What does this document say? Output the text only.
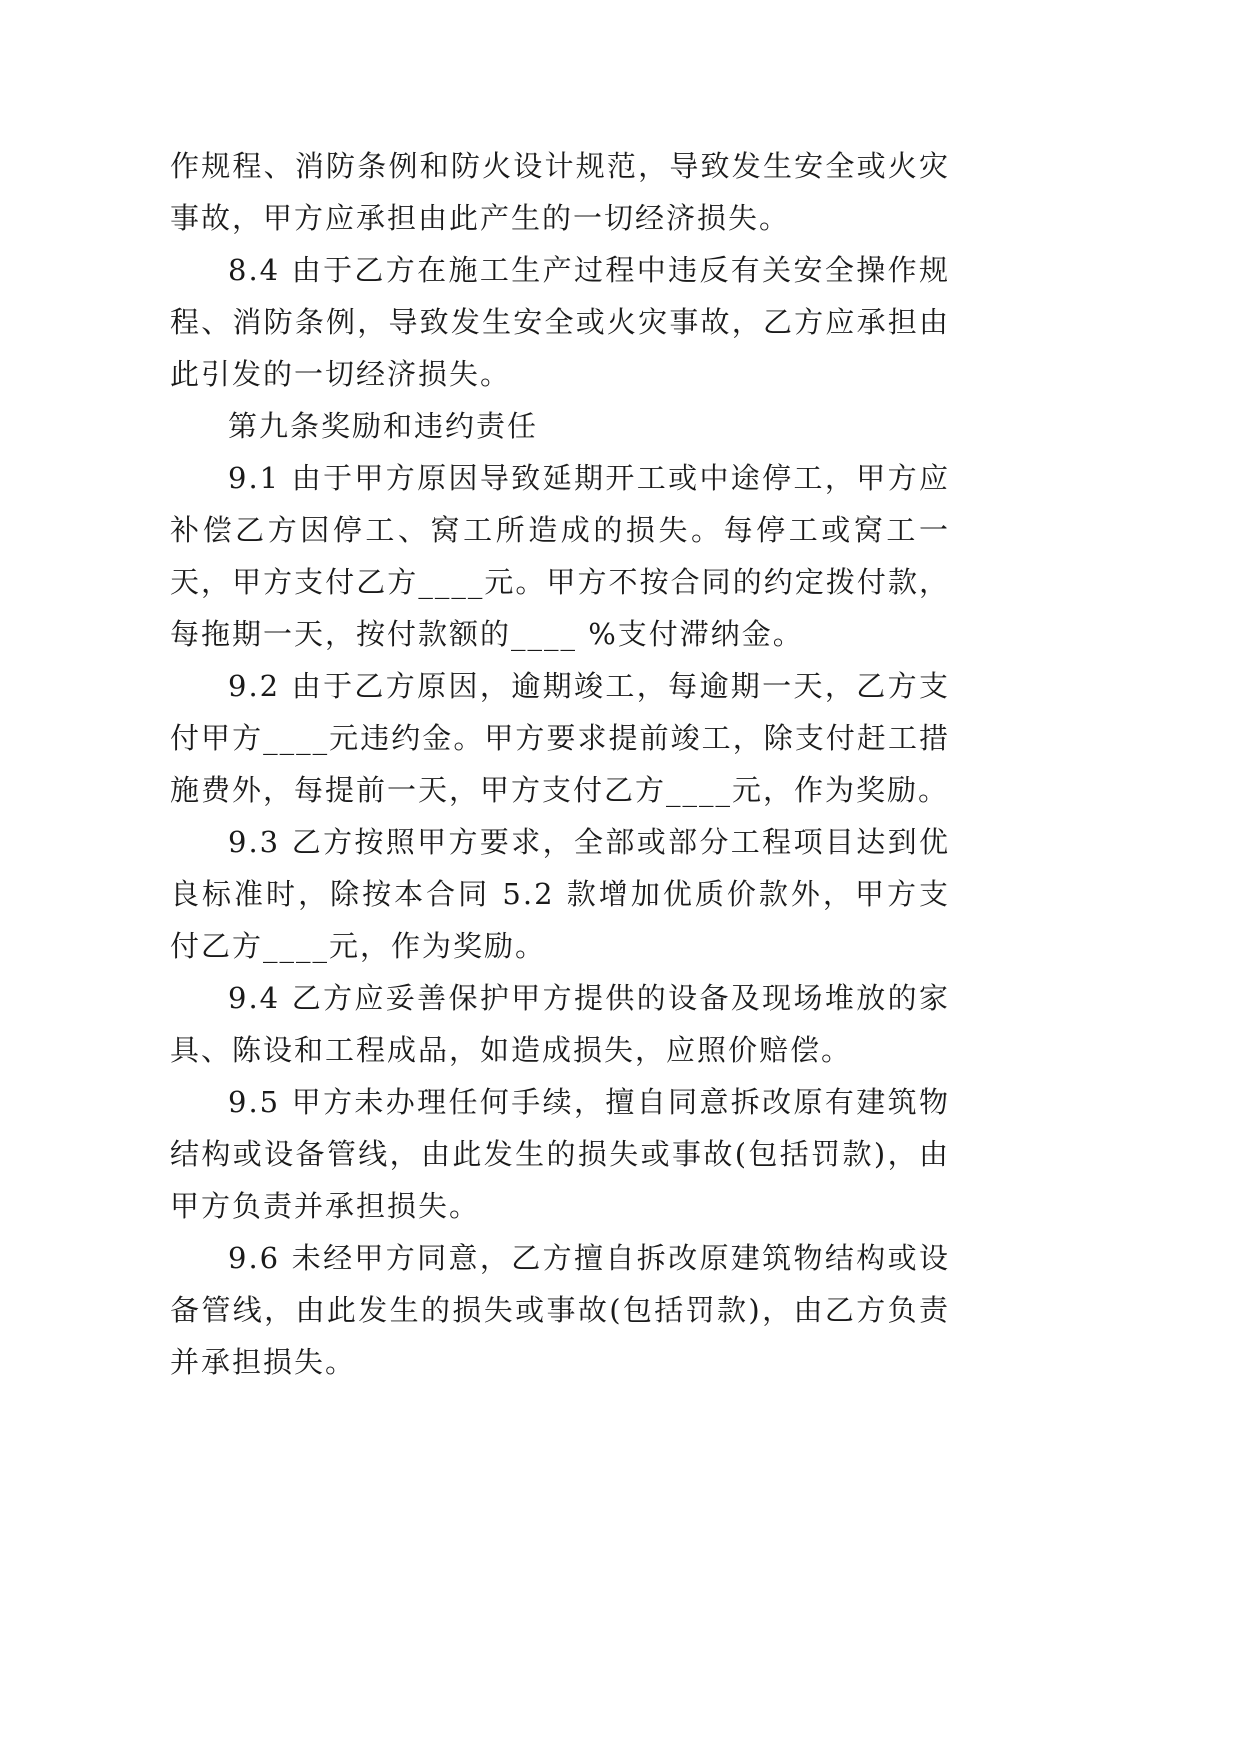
作规程、消防条例和防火设计规范，导致发生安全或火灾事故，甲方应承担由此产生的一切经济损失。

8.4 由于乙方在施工生产过程中违反有关安全操作规程、消防条例，导致发生安全或火灾事故，乙方应承担由此引发的一切经济损失。

第九条奖励和违约责任

9.1 由于甲方原因导致延期开工或中途停工，甲方应补偿乙方因停工、窝工所造成的损失。每停工或窝工一天，甲方支付乙方____元。甲方不按合同的约定拨付款，每拖期一天，按付款额的____ %支付滞纳金。

9.2 由于乙方原因，逾期竣工，每逾期一天，乙方支付甲方____元违约金。甲方要求提前竣工，除支付赶工措施费外，每提前一天，甲方支付乙方____元，作为奖励。

9.3 乙方按照甲方要求，全部或部分工程项目达到优良标准时，除按本合同 5.2 款增加优质价款外，甲方支付乙方____元，作为奖励。

9.4 乙方应妥善保护甲方提供的设备及现场堆放的家具、陈设和工程成品，如造成损失，应照价赔偿。

9.5 甲方未办理任何手续，擅自同意拆改原有建筑物结构或设备管线，由此发生的损失或事故(包括罚款)，由甲方负责并承担损失。

9.6 未经甲方同意，乙方擅自拆改原建筑物结构或设备管线，由此发生的损失或事故(包括罚款)，由乙方负责并承担损失。
